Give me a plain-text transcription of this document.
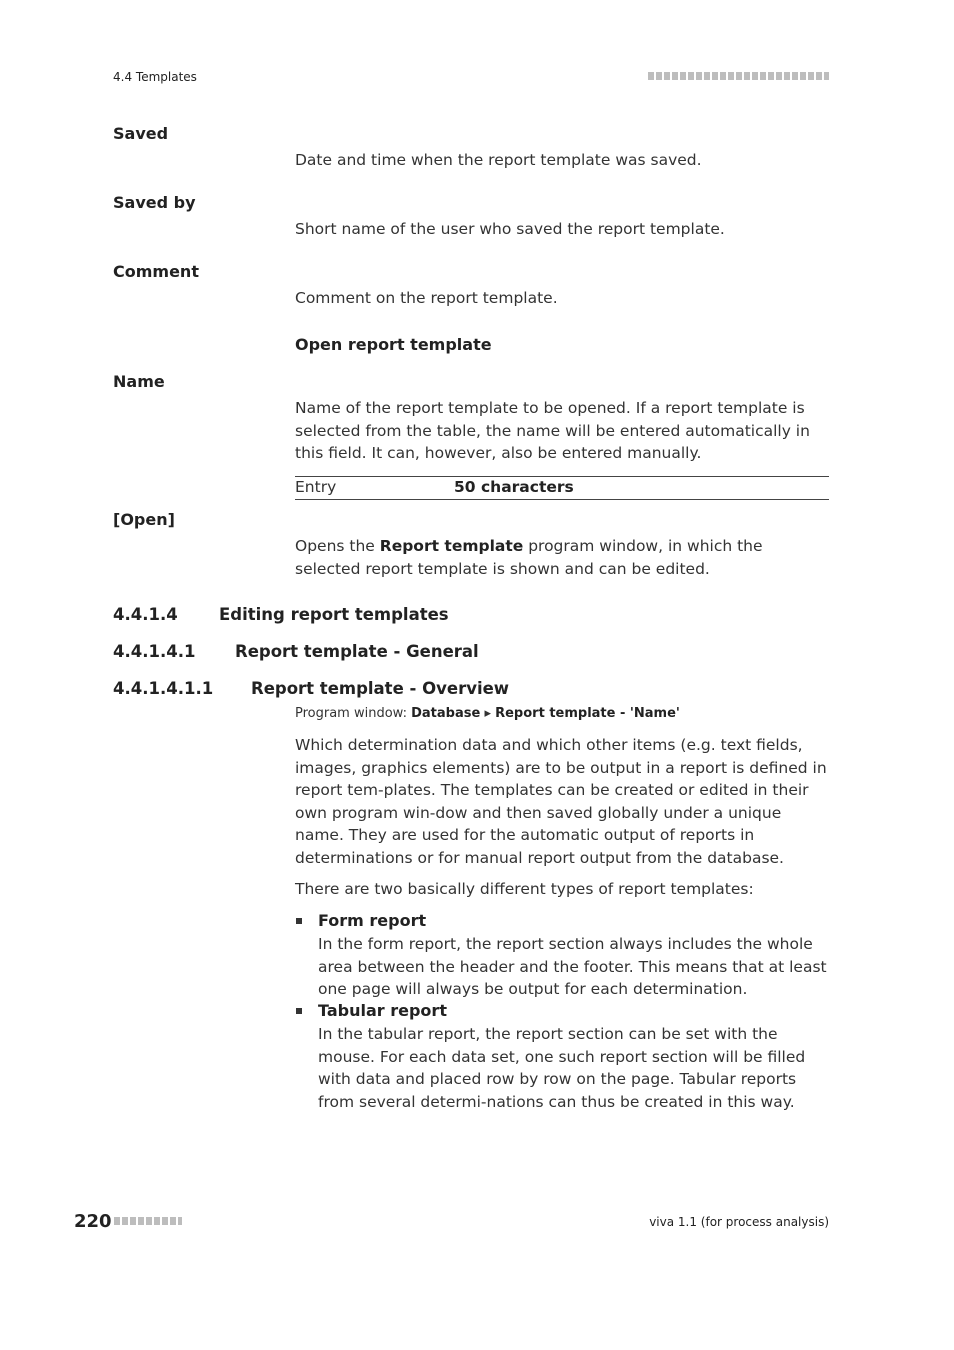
4.4 Templates
Saved
Date and time when the report template was saved.
Saved by
Short name of the user who saved the report template.
Comment
Comment on the report template.
Open report template
Name
Name of the report template to be opened. If a report template is selected from the table, the name will be entered automatically in this field. It can, however, also be entered manually.
Entry	50 characters
[Open]
Opens the Report template program window, in which the selected report template is shown and can be edited.
4.4.1.4	Editing report templates
4.4.1.4.1 Report template - General
4.4.1.4.1.1 Report template - Overview
Program window: Database ▸ Report template - 'Name'
Which determination data and which other items (e.g. text fields, images, graphics elements) are to be output in a report is defined in report tem-plates. The templates can be created or edited in their own program win-dow and then saved globally under a unique name. They are used for the automatic output of reports in determinations or for manual report output from the database.
There are two basically different types of report templates:
Form report
In the form report, the report section always includes the whole area between the header and the footer. This means that at least one page will always be output for each determination.
Tabular report
In the tabular report, the report section can be set with the mouse. For each data set, one such report section will be filled with data and placed row by row on the page. Tabular reports from several determi-nations can thus be created in this way.
220	viva 1.1 (for process analysis)
